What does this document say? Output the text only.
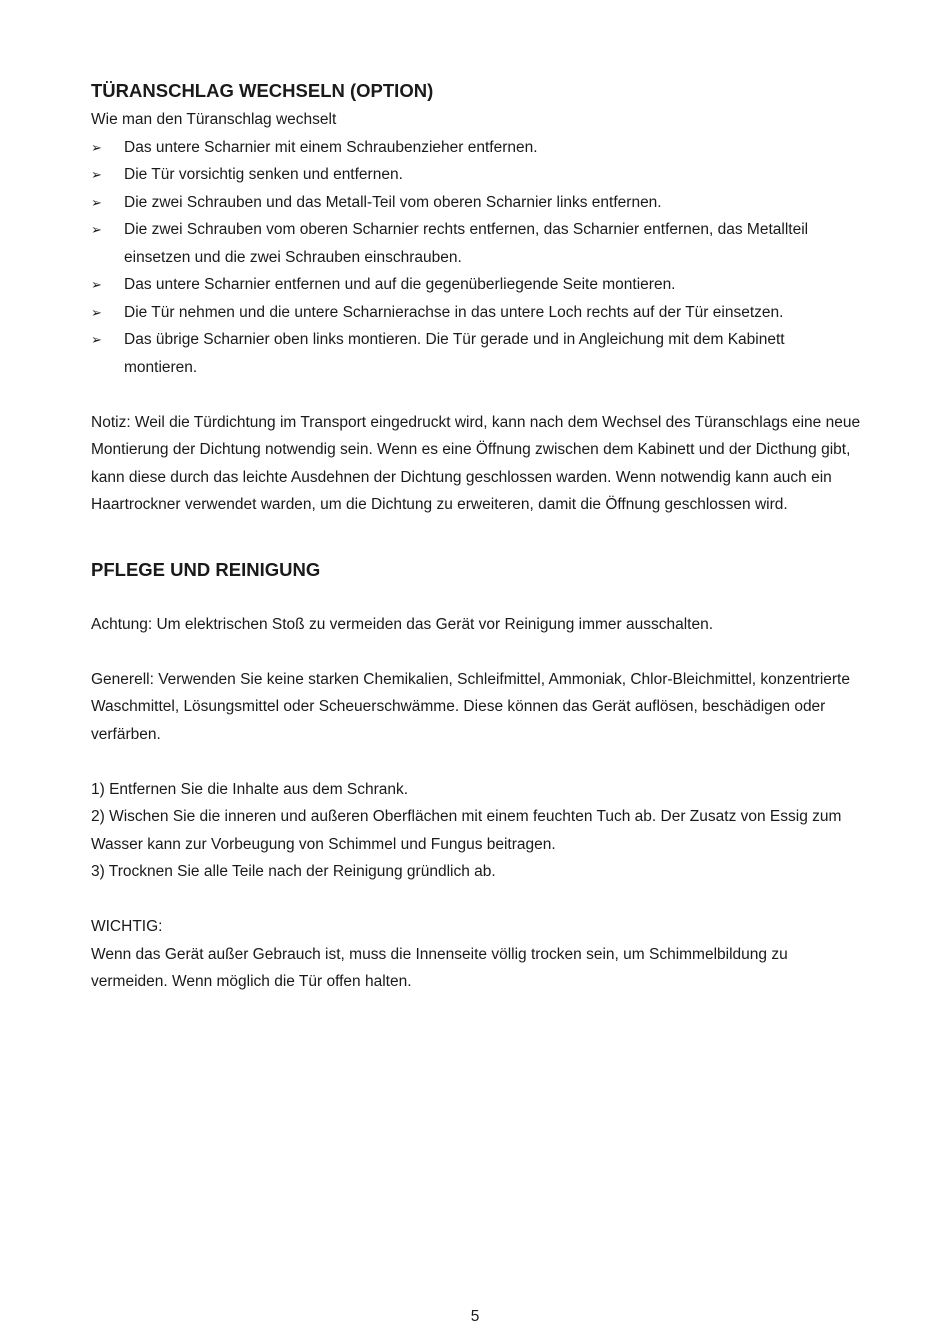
TÜRANSCHLAG WECHSELN (OPTION)

Wie man den Türanschlag wechselt

➢ Das untere Scharnier mit einem Schraubenzieher entfernen.
➢ Die Tür vorsichtig senken und entfernen.
➢ Die zwei Schrauben und das Metall-Teil vom oberen Scharnier links entfernen.
➢ Die zwei Schrauben vom oberen Scharnier rechts entfernen, das Scharnier entfernen, das Metallteil einsetzen und die zwei Schrauben einschrauben.
➢ Das untere Scharnier entfernen und auf die gegenüberliegende Seite montieren.
➢ Die Tür nehmen und die untere Scharnierachse in das untere Loch rechts auf der Tür einsetzen.
➢ Das übrige Scharnier oben links montieren. Die Tür gerade und in Angleichung mit dem Kabinett montieren.

Notiz: Weil die Türdichtung im Transport eingedruckt wird, kann nach dem Wechsel des Türanschlags eine neue Montierung der Dichtung notwendig sein. Wenn es eine Öffnung zwischen dem Kabinett und der Dicthung gibt, kann diese durch das leichte Ausdehnen der Dichtung geschlossen warden. Wenn notwendig kann auch ein Haartrockner verwendet warden, um die Dichtung zu erweiteren, damit die Öffnung geschlossen wird.

PFLEGE UND REINIGUNG

Achtung: Um elektrischen Stoß zu vermeiden das Gerät vor Reinigung immer ausschalten.

Generell: Verwenden Sie keine starken Chemikalien, Schleifmittel, Ammoniak, Chlor-Bleichmittel, konzentrierte Waschmittel, Lösungsmittel oder Scheuerschwämme. Diese können das Gerät auflösen, beschädigen oder verfärben.

1) Entfernen Sie die Inhalte aus dem Schrank.

2) Wischen Sie die inneren und außeren Oberflächen mit einem feuchten Tuch ab. Der Zusatz von Essig zum Wasser kann zur Vorbeugung von Schimmel und Fungus beitragen.

3) Trocknen Sie alle Teile nach der Reinigung gründlich ab.

WICHTIG:

Wenn das Gerät außer Gebrauch ist, muss die Innenseite völlig trocken sein, um Schimmelbildung zu vermeiden. Wenn möglich die Tür offen halten.

5
